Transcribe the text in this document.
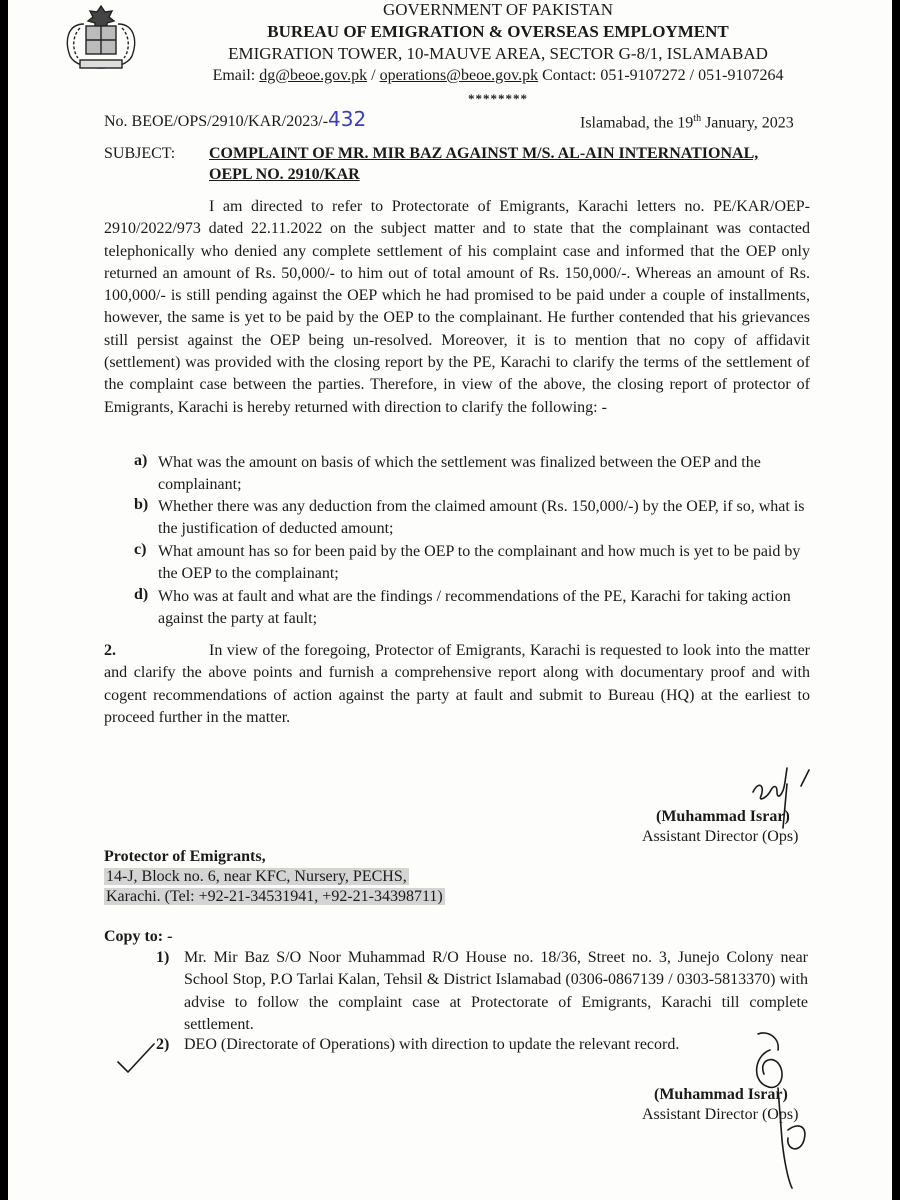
GOVERNMENT OF PAKISTAN
BUREAU OF EMIGRATION & OVERSEAS EMPLOYMENT
EMIGRATION TOWER, 10-MAUVE AREA, SECTOR G-8/1, ISLAMABAD
Email: dg@beoe.gov.pk / operations@beoe.gov.pk Contact: 051-9107272 / 051-9107264
********
No. BEOE/OPS/2910/KAR/2023/-432	Islamabad, the 19th January, 2023
SUBJECT: COMPLAINT OF MR. MIR BAZ AGAINST M/S. AL-AIN INTERNATIONAL,
OEPL NO. 2910/KAR
I am directed to refer to Protectorate of Emigrants, Karachi letters no. PE/KAR/OEP-2910/2022/973 dated 22.11.2022 on the subject matter and to state that the complainant was contacted telephonically who denied any complete settlement of his complaint case and informed that the OEP only returned an amount of Rs. 50,000/- to him out of total amount of Rs. 150,000/-. Whereas an amount of Rs. 100,000/- is still pending against the OEP which he had promised to be paid under a couple of installments, however, the same is yet to be paid by the OEP to the complainant. He further contended that his grievances still persist against the OEP being un-resolved. Moreover, it is to mention that no copy of affidavit (settlement) was provided with the closing report by the PE, Karachi to clarify the terms of the settlement of the complaint case between the parties. Therefore, in view of the above, the closing report of protector of Emigrants, Karachi is hereby returned with direction to clarify the following: -
a) What was the amount on basis of which the settlement was finalized between the OEP and the complainant;
b) Whether there was any deduction from the claimed amount (Rs. 150,000/-) by the OEP, if so, what is the justification of deducted amount;
c) What amount has so for been paid by the OEP to the complainant and how much is yet to be paid by the OEP to the complainant;
d) Who was at fault and what are the findings / recommendations of the PE, Karachi for taking action against the party at fault;
2.	In view of the foregoing, Protector of Emigrants, Karachi is requested to look into the matter and clarify the above points and furnish a comprehensive report along with documentary proof and with cogent recommendations of action against the party at fault and submit to Bureau (HQ) at the earliest to proceed further in the matter.
(Muhammad Israr)
Assistant Director (Ops)
Protector of Emigrants,
14-J, Block no. 6, near KFC, Nursery, PECHS,
Karachi. (Tel: +92-21-34531941, +92-21-34398711)
Copy to: -
1) Mr. Mir Baz S/O Noor Muhammad R/O House no. 18/36, Street no. 3, Junejo Colony near School Stop, P.O Tarlai Kalan, Tehsil & District Islamabad (0306-0867139 / 0303-5813370) with advise to follow the complaint case at Protectorate of Emigrants, Karachi till complete settlement.
2) DEO (Directorate of Operations) with direction to update the relevant record.
(Muhammad Israr)
Assistant Director (Ops)
